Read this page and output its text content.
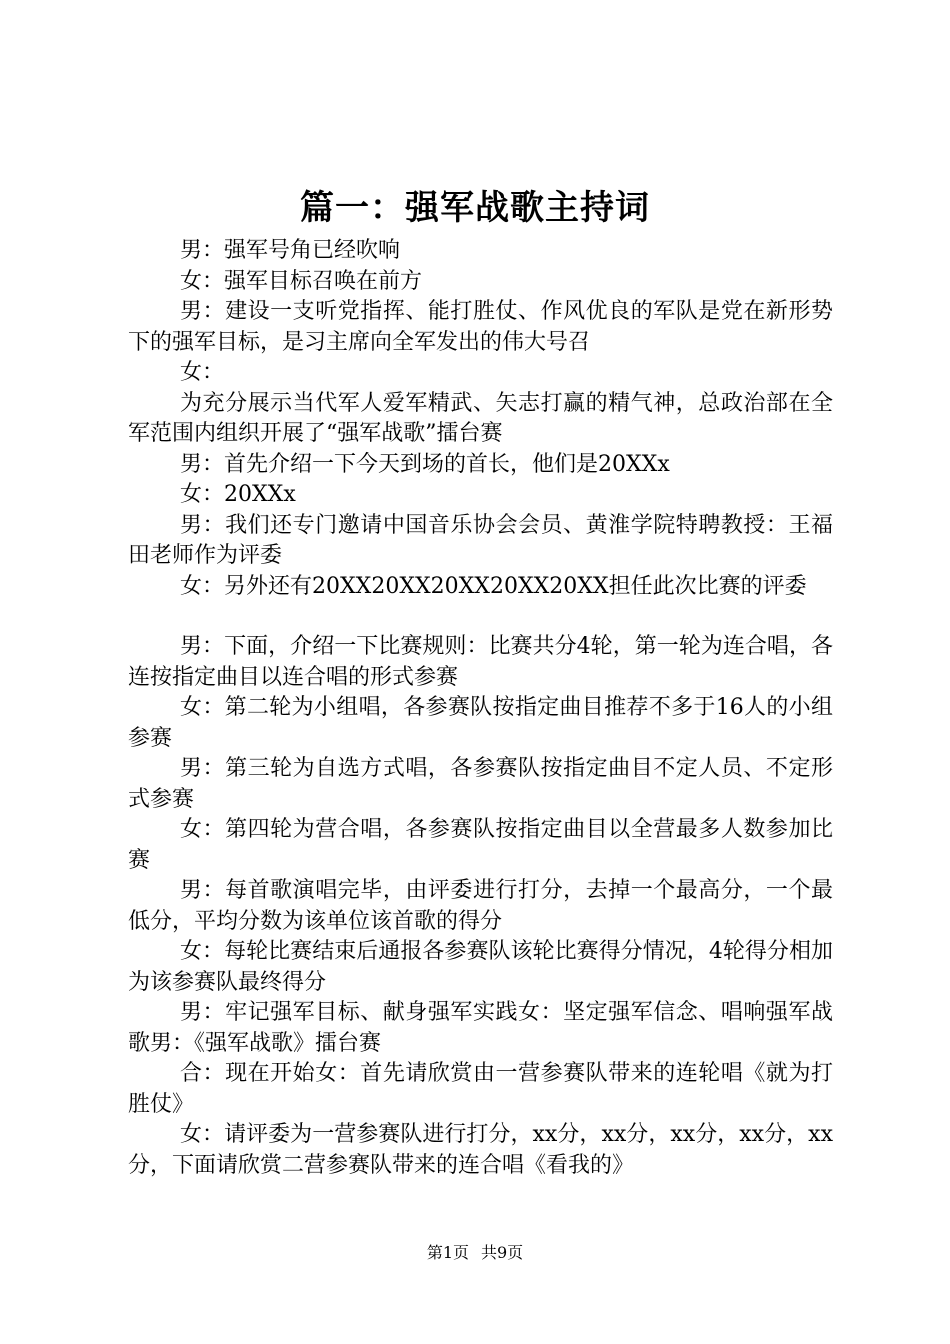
篇一：强军战歌主持词

男：强军号角已经吹响

女：强军目标召唤在前方

男：建设一支听党指挥、能打胜仗、作风优良的军队是党在新形势下的强军目标，是习主席向全军发出的伟大号召

女：

为充分展示当代军人爱军精武、矢志打赢的精气神，总政治部在全军范围内组织开展了“强军战歌”擂台赛

男：首先介绍一下今天到场的首长，他们是20XXx

女：20XXx

男：我们还专门邀请中国音乐协会会员、黄淮学院特聘教授：王福田老师作为评委

女：另外还有20XX20XX20XX20XX20XX担任此次比赛的评委

男：下面，介绍一下比赛规则：比赛共分4轮，第一轮为连合唱，各连按指定曲目以连合唱的形式参赛

女：第二轮为小组唱，各参赛队按指定曲目推荐不多于16人的小组参赛

男：第三轮为自选方式唱，各参赛队按指定曲目不定人员、不定形式参赛

女：第四轮为营合唱，各参赛队按指定曲目以全营最多人数参加比赛

男：每首歌演唱完毕，由评委进行打分，去掉一个最高分，一个最低分，平均分数为该单位该首歌的得分

女：每轮比赛结束后通报各参赛队该轮比赛得分情况，4轮得分相加为该参赛队最终得分

男：牢记强军目标、献身强军实践女：坚定强军信念、唱响强军战歌男：《强军战歌》擂台赛

合：现在开始女：首先请欣赏由一营参赛队带来的连轮唱《就为打胜仗》

女：请评委为一营参赛队进行打分，xx分，xx分，xx分，xx分，xx分，下面请欣赏二营参赛队带来的连合唱《看我的》

第1页 共9页
